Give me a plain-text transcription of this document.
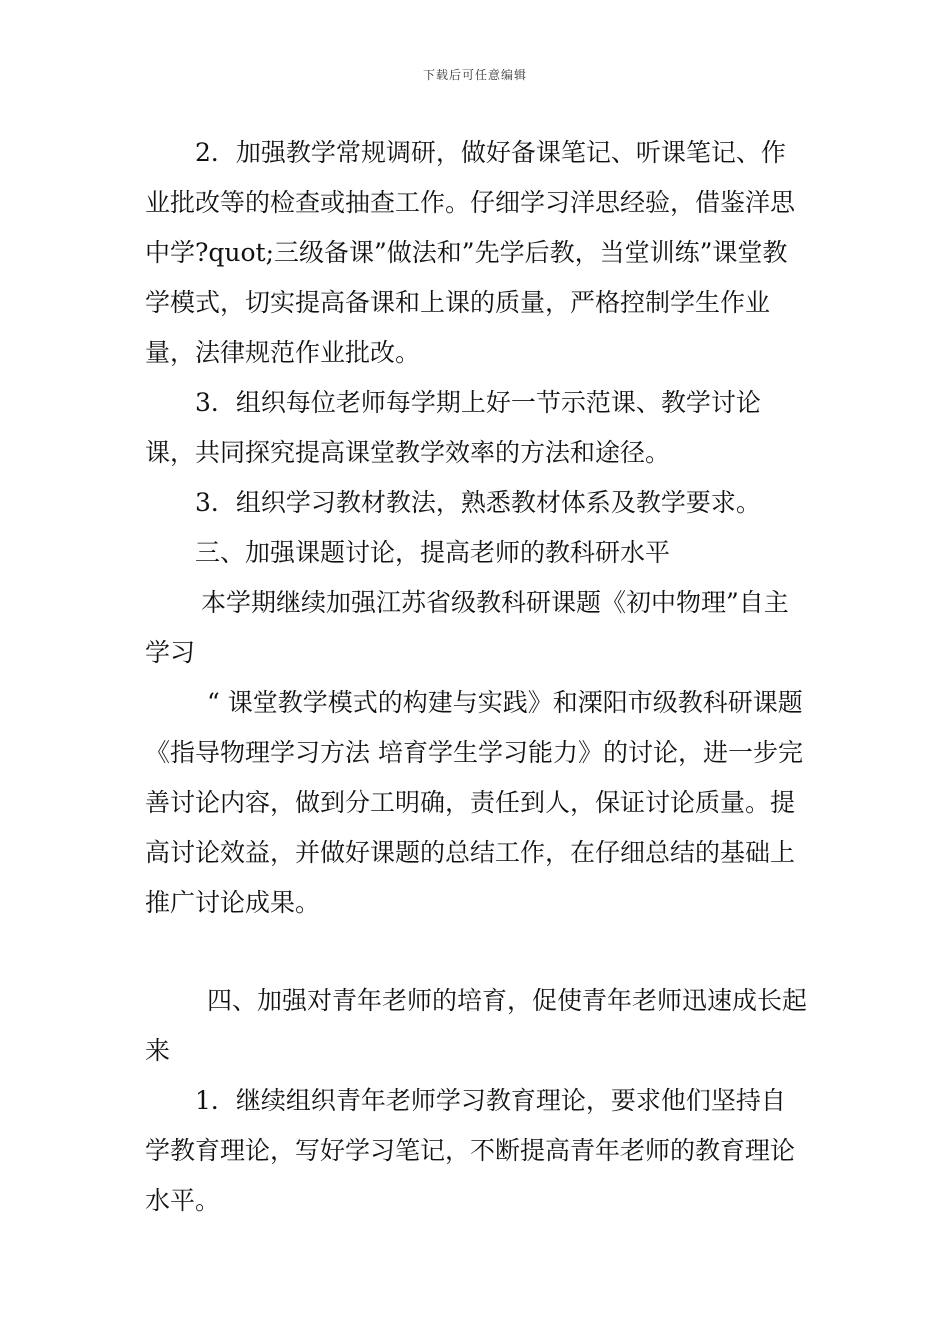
下载后可任意编辑

2．加强教学常规调研，做好备课笔记、听课笔记、作业批改等的检查或抽查工作。仔细学习洋思经验，借鉴洋思中学?quot;三级备课”做法和”先学后教，当堂训练”课堂教学模式，切实提高备课和上课的质量，严格控制学生作业量，法律规范作业批改。

3．组织每位老师每学期上好一节示范课、教学讨论课，共同探究提高课堂教学效率的方法和途径。

3．组织学习教材教法，熟悉教材体系及教学要求。

三、加强课题讨论，提高老师的教科研水平

本学期继续加强江苏省级教科研课题《初中物理”自主学习

“ 课堂教学模式的构建与实践》和溧阳市级教科研课题《指导物理学习方法 培育学生学习能力》的讨论，进一步完善讨论内容，做到分工明确，责任到人，保证讨论质量。提高讨论效益，并做好课题的总结工作，在仔细总结的基础上推广讨论成果。

四、加强对青年老师的培育，促使青年老师迅速成长起来

1．继续组织青年老师学习教育理论，要求他们坚持自学教育理论，写好学习笔记，不断提高青年老师的教育理论水平。
